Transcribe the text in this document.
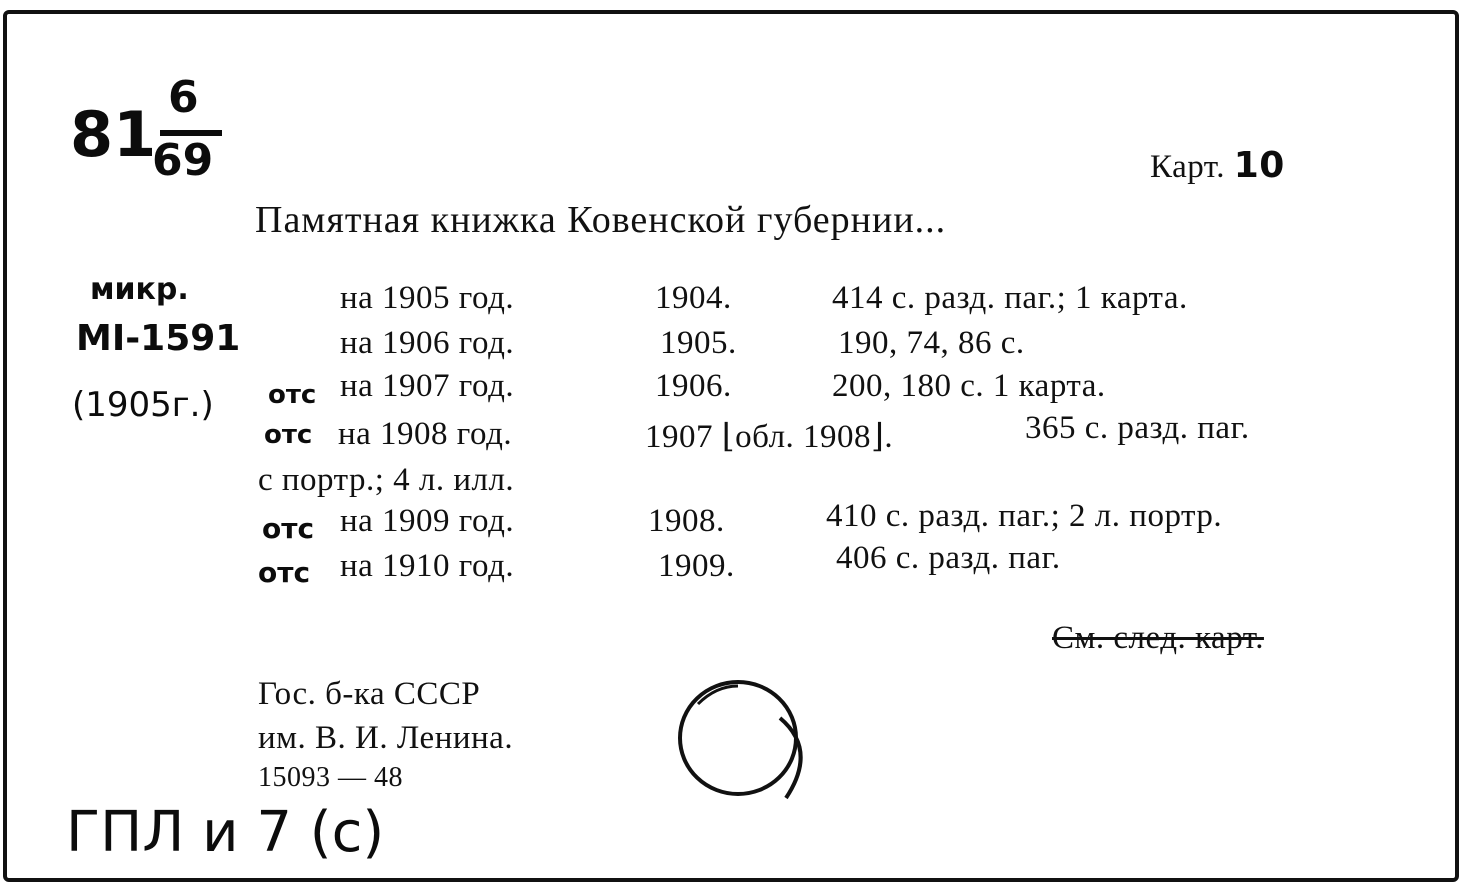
81
6
69	Карт. 10
Памятная книжка Ковенской губернии...
микр.
MI-1591
(1905г.)
на 1905 год.	1904.	414 с. разд. паг.; 1 карта.
на 1906 год.	1905.	190, 74, 86 с.
отс на 1907 год.	1906.	200, 180 с. 1 карта.
отс на 1908 год.	1907 ⌊обл. 1908⌋.	365 с. разд. паг.
с портр.; 4 л. илл.
отс на 1909 год.	1908.	410 с. разд. паг.; 2 л. портр.
отс на 1910 год.	1909.	406 с. разд. паг.
См. след. карт.
Гос. б-ка СССР
им. В. И. Ленина.
15093 — 48
ГПЛ и 7 (с)
